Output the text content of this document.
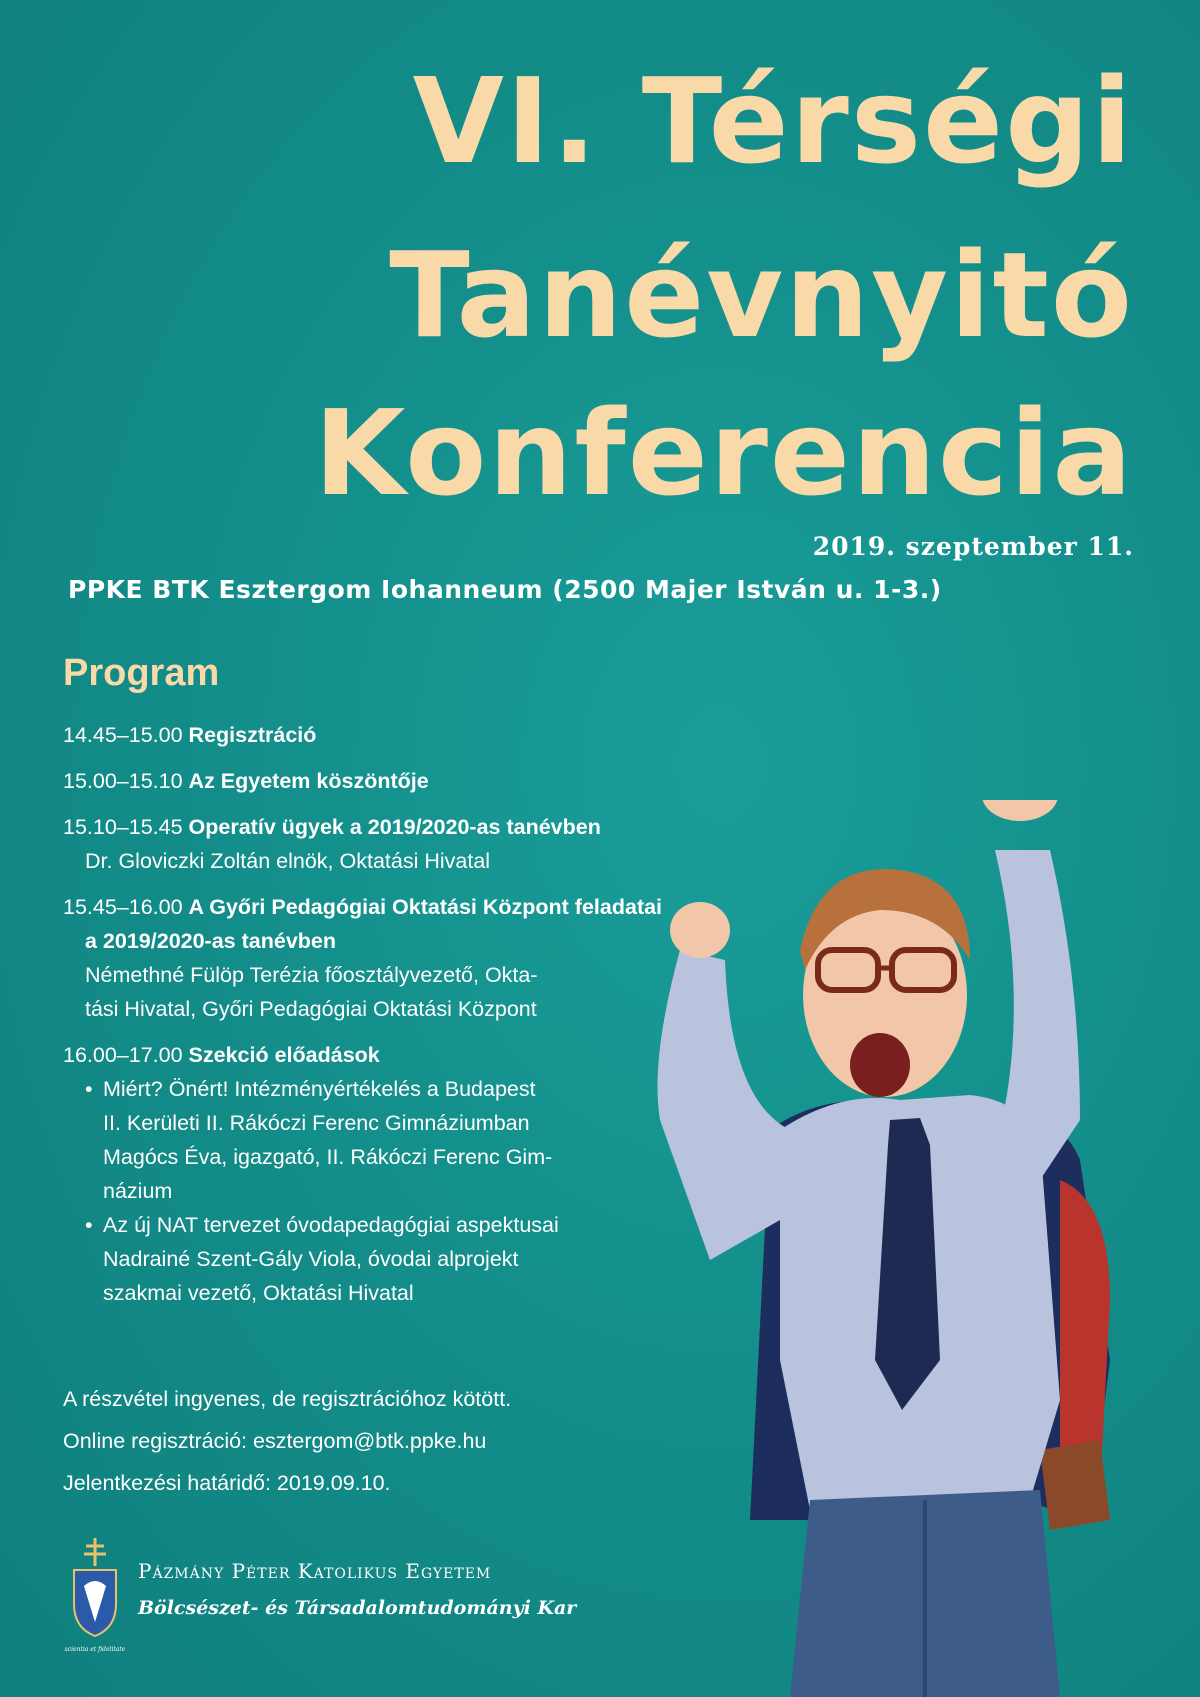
VI. Térségi
Tanévnyitó
Konferencia
2019. szeptember 11.
PPKE BTK Esztergom Iohanneum (2500 Majer István u. 1-3.)
Program
14.45–15.00 Regisztráció
15.00–15.10 Az Egyetem köszöntője
15.10–15.45 Operatív ügyek a 2019/2020-as tanévben
Dr. Gloviczki Zoltán elnök, Oktatási Hivatal
15.45–16.00 A Győri Pedagógiai Oktatási Központ feladatai
a 2019/2020-as tanévben
Némethné Fülöp Terézia főosztályvezető, Okta-
tási Hivatal, Győri Pedagógiai Oktatási Központ
16.00–17.00 Szekció előadások
• Miért? Önért! Intézményértékelés a Budapest
II. Kerületi II. Rákóczi Ferenc Gimnáziumban
Magócs Éva, igazgató, II. Rákóczi Ferenc Gim-
názium
• Az új NAT tervezet óvodapedagógiai aspektusai
Nadrainé Szent-Gály Viola, óvodai alprojekt
szakmai vezető, Oktatási Hivatal
A részvétel ingyenes, de regisztrációhoz kötött.
Online regisztráció: esztergom@btk.ppke.hu
Jelentkezési határidő: 2019.09.10.
scientia et fidelitate
Pázmány Péter Katolikus Egyetem
Bölcsészet- és Társadalomtudományi Kar
